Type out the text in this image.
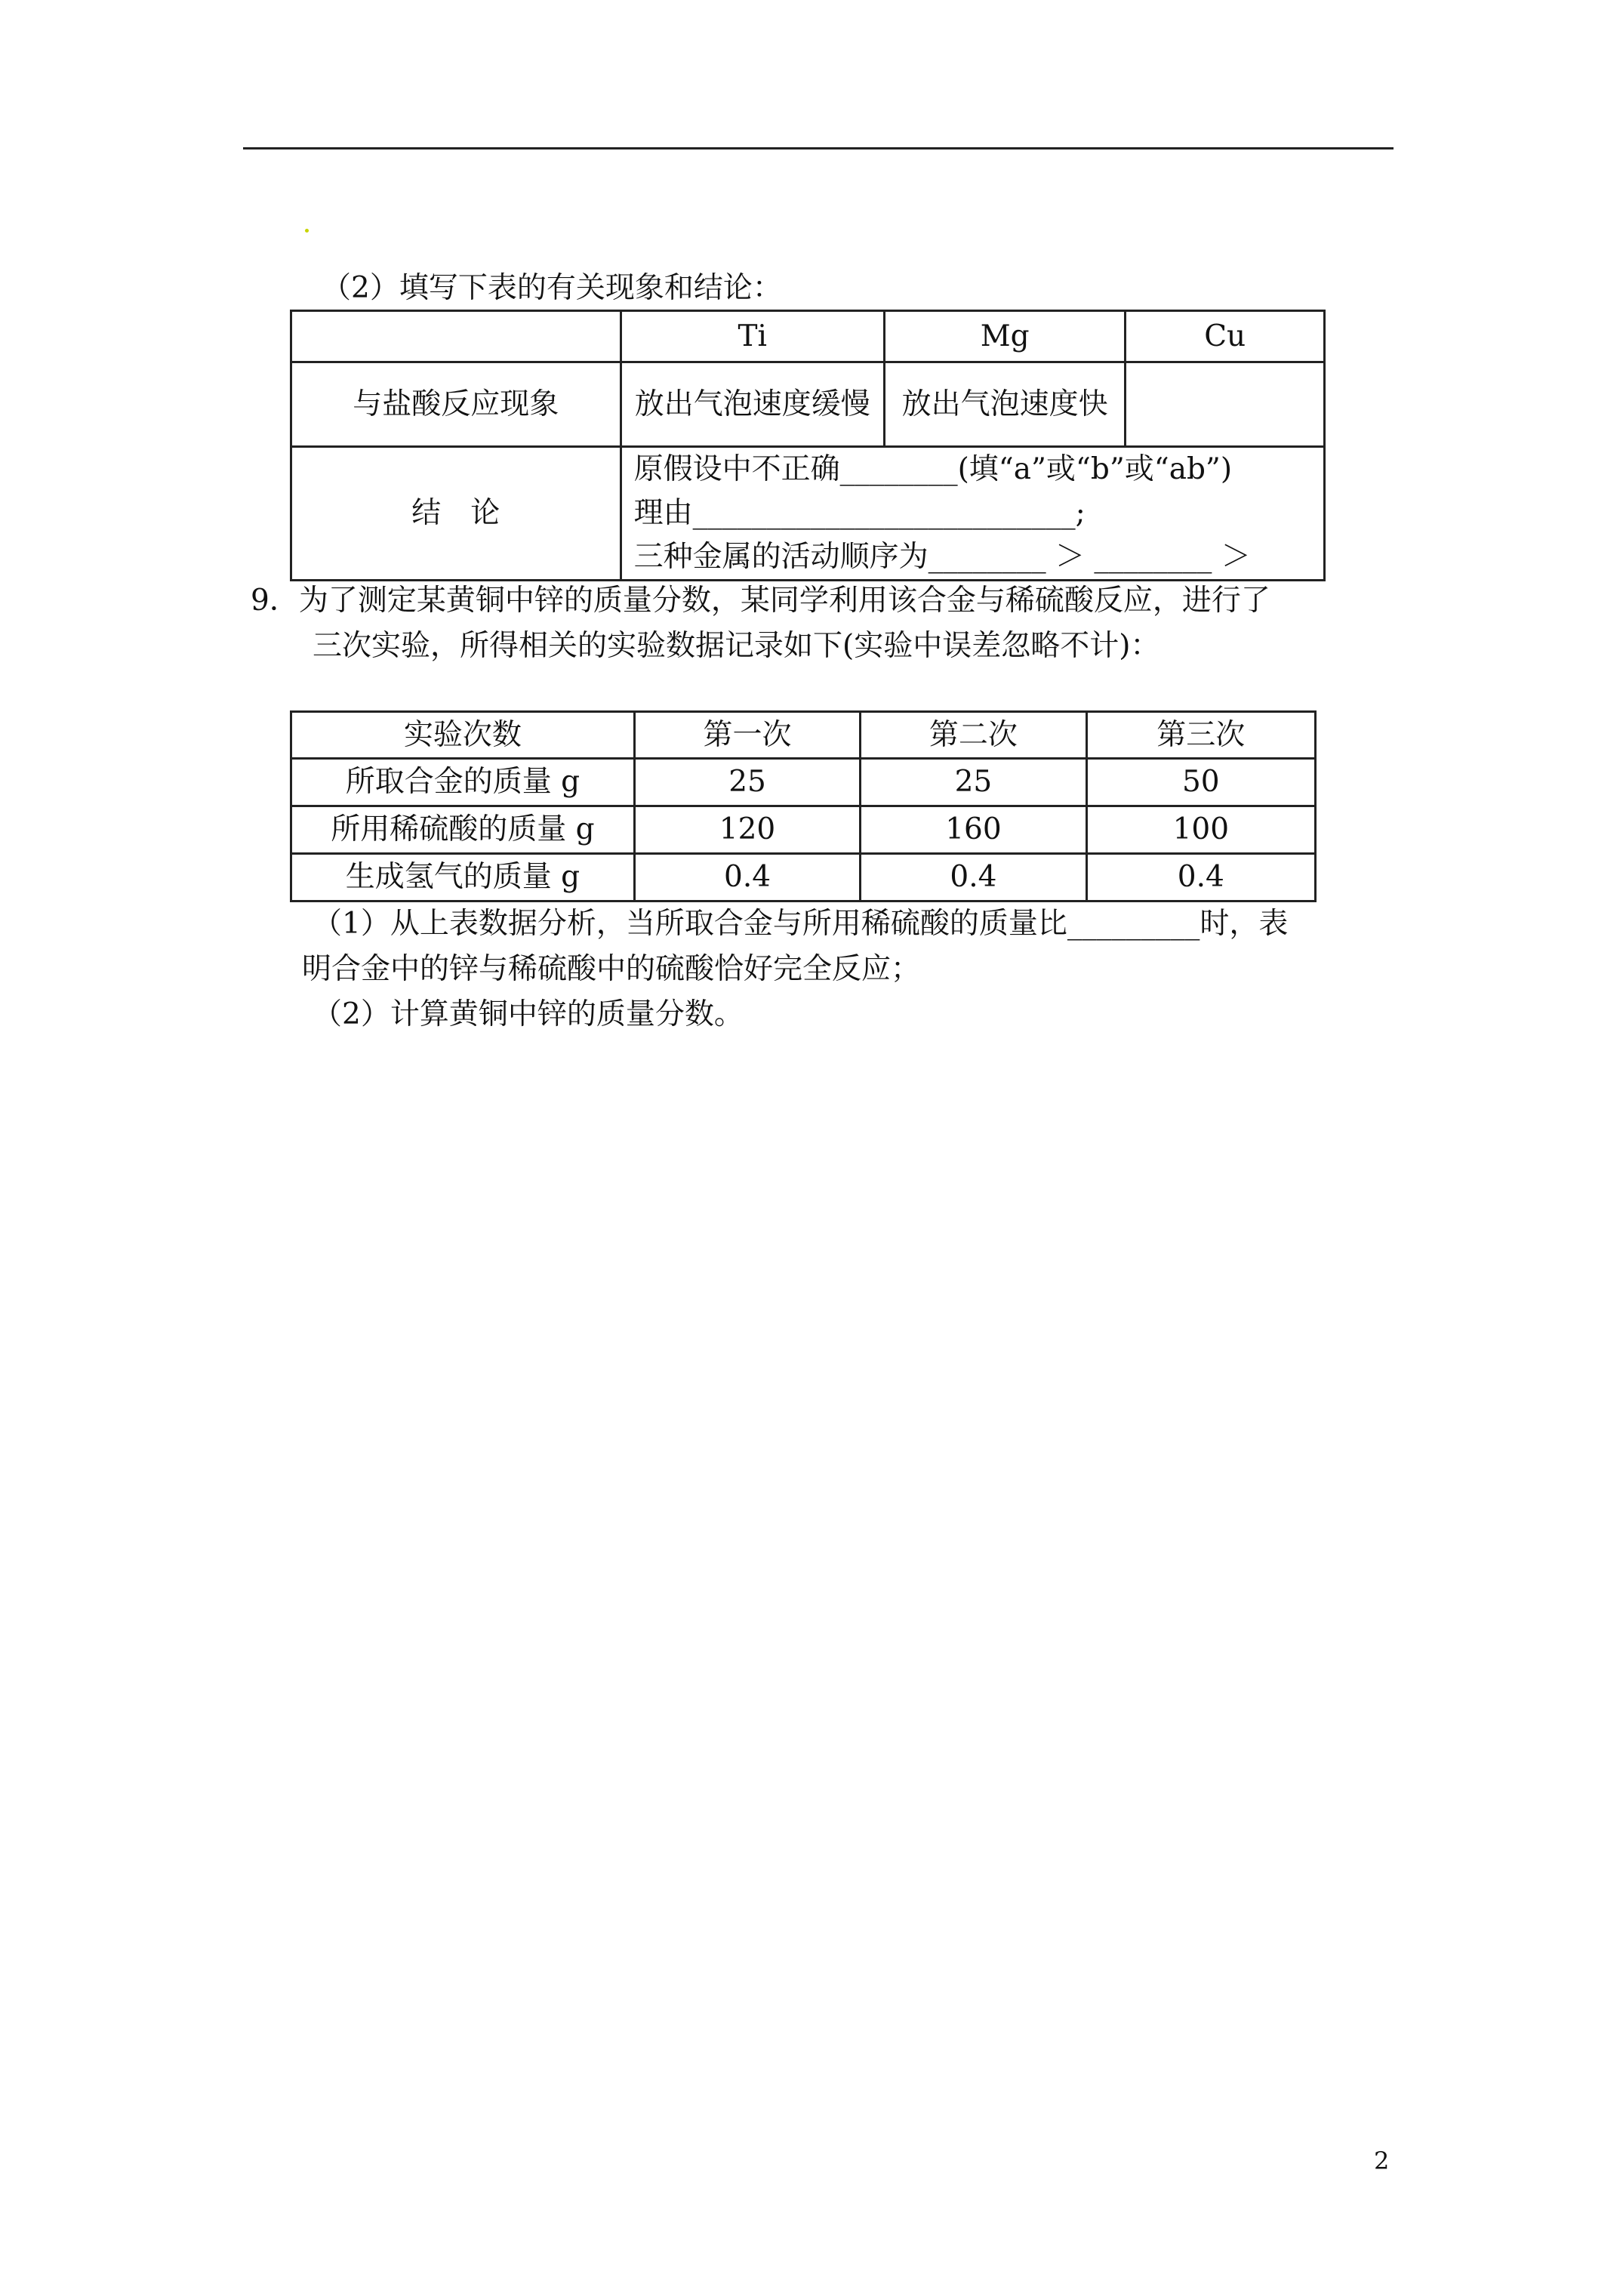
（2）填写下表的有关现象和结论：
	Ti	Mg	Cu
与盐酸反应现象	放出气泡速度缓慢	放出气泡速度快	
结　论	原假设中不正确________(填“a”或“b”或“ab”)
理由__________________________;
三种金属的活动顺序为________ ＞ ________ ＞		
9．为了测定某黄铜中锌的质量分数，某同学利用该合金与稀硫酸反应，进行了
三次实验，所得相关的实验数据记录如下(实验中误差忽略不计)：
实验次数	第一次	第二次	第三次
所取合金的质量 g	25	25	50
所用稀硫酸的质量 g	120	160	100
生成氢气的质量 g	0.4	0.4	0.4
（1）从上表数据分析，当所取合金与所用稀硫酸的质量比_________时，表
明合金中的锌与稀硫酸中的硫酸恰好完全反应；
（2）计算黄铜中锌的质量分数。
2
